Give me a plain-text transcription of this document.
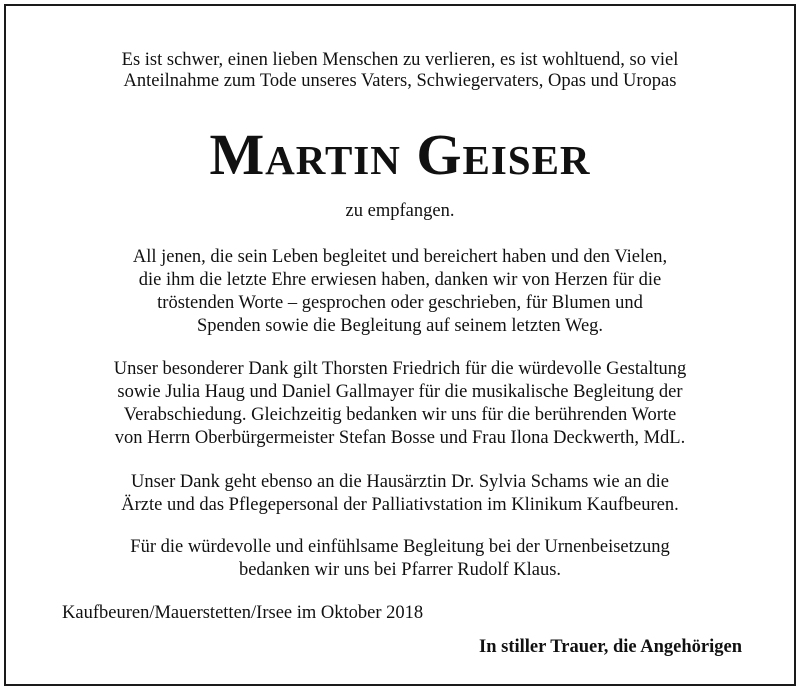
Es ist schwer, einen lieben Menschen zu verlieren, es ist wohltuend, so viel
Anteilnahme zum Tode unseres Vaters, Schwiegervaters, Opas und Uropas
Martin Geiser
zu empfangen.
All jenen, die sein Leben begleitet und bereichert haben und den Vielen,
die ihm die letzte Ehre erwiesen haben, danken wir von Herzen für die
tröstenden Worte – gesprochen oder geschrieben, für Blumen und
Spenden sowie die Begleitung auf seinem letzten Weg.
Unser besonderer Dank gilt Thorsten Friedrich für die würdevolle Gestaltung
sowie Julia Haug und Daniel Gallmayer für die musikalische Begleitung der
Verabschiedung. Gleichzeitig bedanken wir uns für die berührenden Worte
von Herrn Oberbürgermeister Stefan Bosse und Frau Ilona Deckwerth, MdL.
Unser Dank geht ebenso an die Hausärztin Dr. Sylvia Schams wie an die
Ärzte und das Pflegepersonal der Palliativstation im Klinikum Kaufbeuren.
Für die würdevolle und einfühlsame Begleitung bei der Urnenbeisetzung
bedanken wir uns bei Pfarrer Rudolf Klaus.
Kaufbeuren/Mauerstetten/Irsee im Oktober 2018
In stiller Trauer, die Angehörigen
